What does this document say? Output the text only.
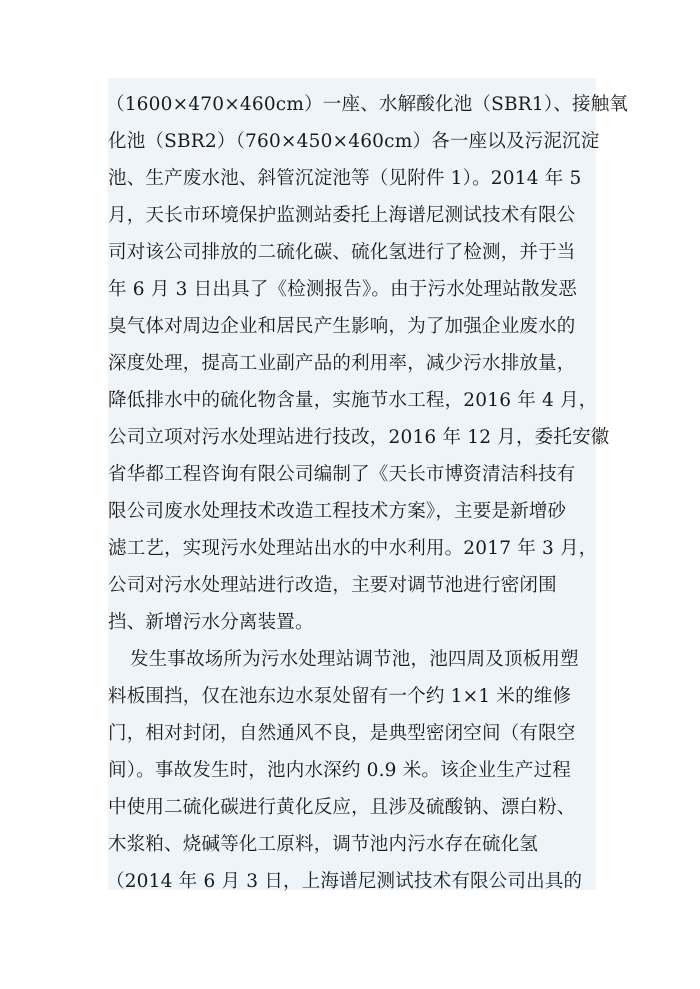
（1600×470×460cm）一座、水解酸化池（SBR1）、接触氧
化池（SBR2）（760×450×460cm）各一座以及污泥沉淀
池、生产废水池、斜管沉淀池等（见附件 1）。2014 年 5
月，天长市环境保护监测站委托上海谱尼测试技术有限公
司对该公司排放的二硫化碳、硫化氢进行了检测，并于当
年 6 月 3 日出具了《检测报告》。由于污水处理站散发恶
臭气体对周边企业和居民产生影响，为了加强企业废水的
深度处理，提高工业副产品的利用率，减少污水排放量，
降低排水中的硫化物含量，实施节水工程，2016 年 4 月，
公司立项对污水处理站进行技改，2016 年 12 月，委托安徽
省华都工程咨询有限公司编制了《天长市博资清洁科技有
限公司废水处理技术改造工程技术方案》，主要是新增砂
滤工艺，实现污水处理站出水的中水利用。2017 年 3 月，
公司对污水处理站进行改造，主要对调节池进行密闭围
挡、新增污水分离装置。
发生事故场所为污水处理站调节池，池四周及顶板用塑
料板围挡，仅在池东边水泵处留有一个约 1×1 米的维修
门，相对封闭，自然通风不良，是典型密闭空间（有限空
间）。事故发生时，池内水深约 0.9 米。该企业生产过程
中使用二硫化碳进行黄化反应，且涉及硫酸钠、漂白粉、
木浆粕、烧碱等化工原料，调节池内污水存在硫化氢
（2014 年 6 月 3 日，上海谱尼测试技术有限公司出具的
